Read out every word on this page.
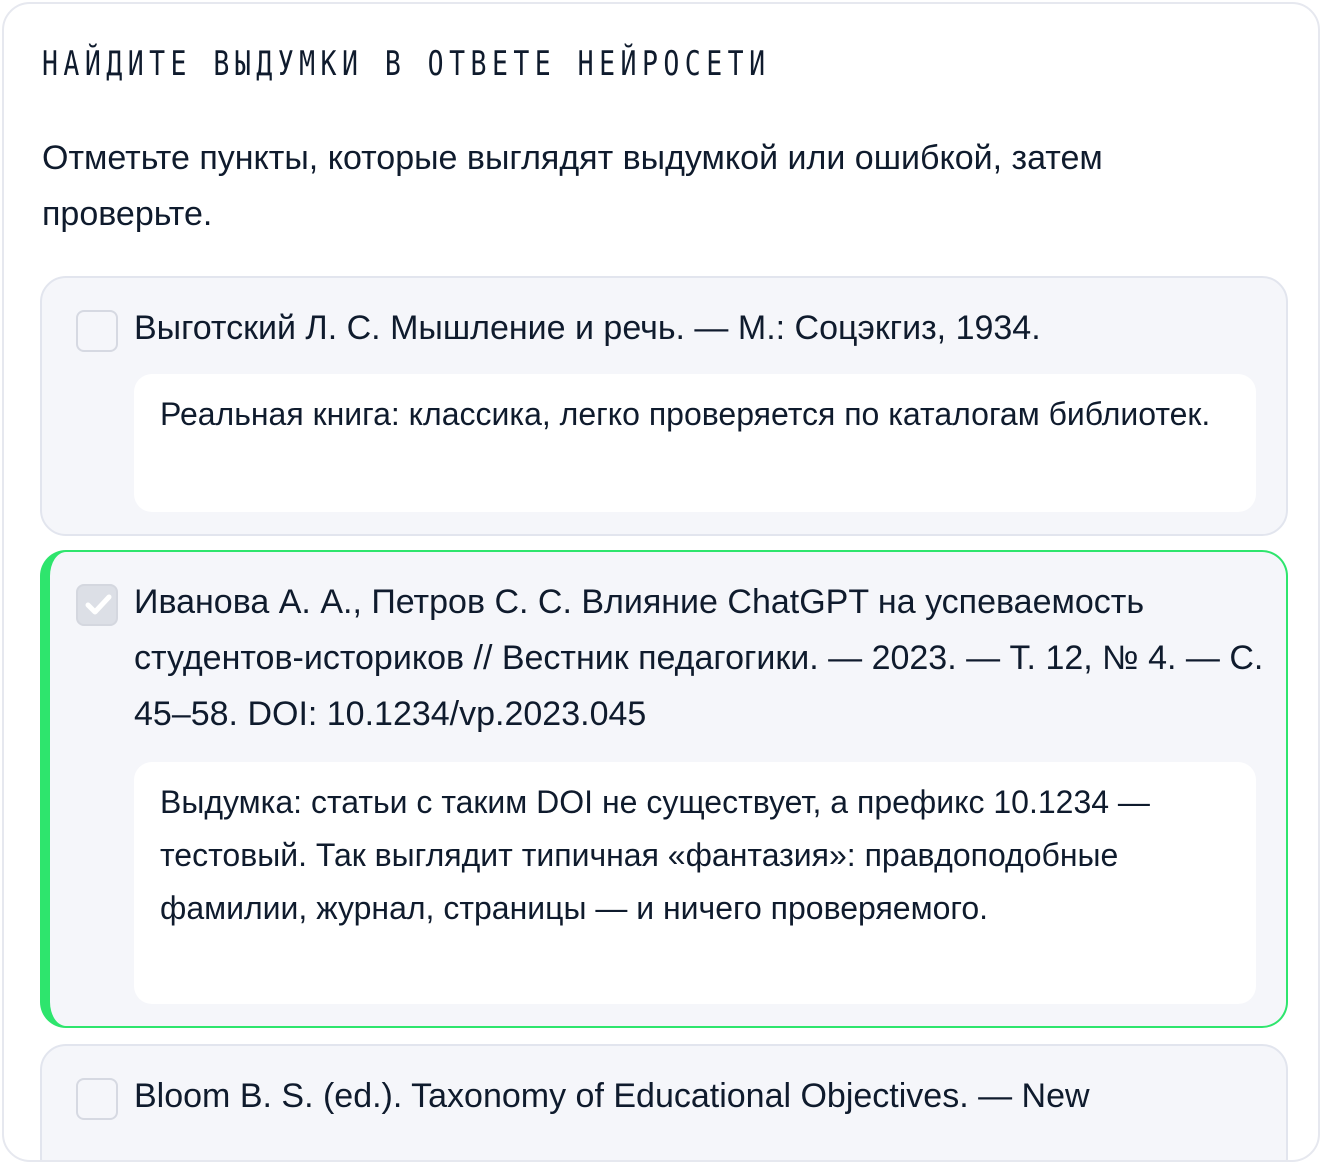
НАЙДИТЕ ВЫДУМКИ В ОТВЕТЕ НЕЙРОСЕТИ
Отметьте пункты, которые выглядят выдумкой или ошибкой, затем проверьте.
Выготский Л. С. Мышление и речь. — М.: Соцэкгиз, 1934.
Реальная книга: классика, легко проверяется по каталогам библиотек.
Иванова А. А., Петров С. С. Влияние ChatGPT на успеваемость студентов-историков // Вестник педагогики. — 2023. — Т. 12, № 4. — С. 45–58. DOI: 10.1234/vp.2023.045
Выдумка: статьи с таким DOI не существует, а префикс 10.1234 — тестовый. Так выглядит типичная «фантазия»: правдоподобные фамилии, журнал, страницы — и ничего проверяемого.
Bloom B. S. (ed.). Taxonomy of Educational Objectives. — New
